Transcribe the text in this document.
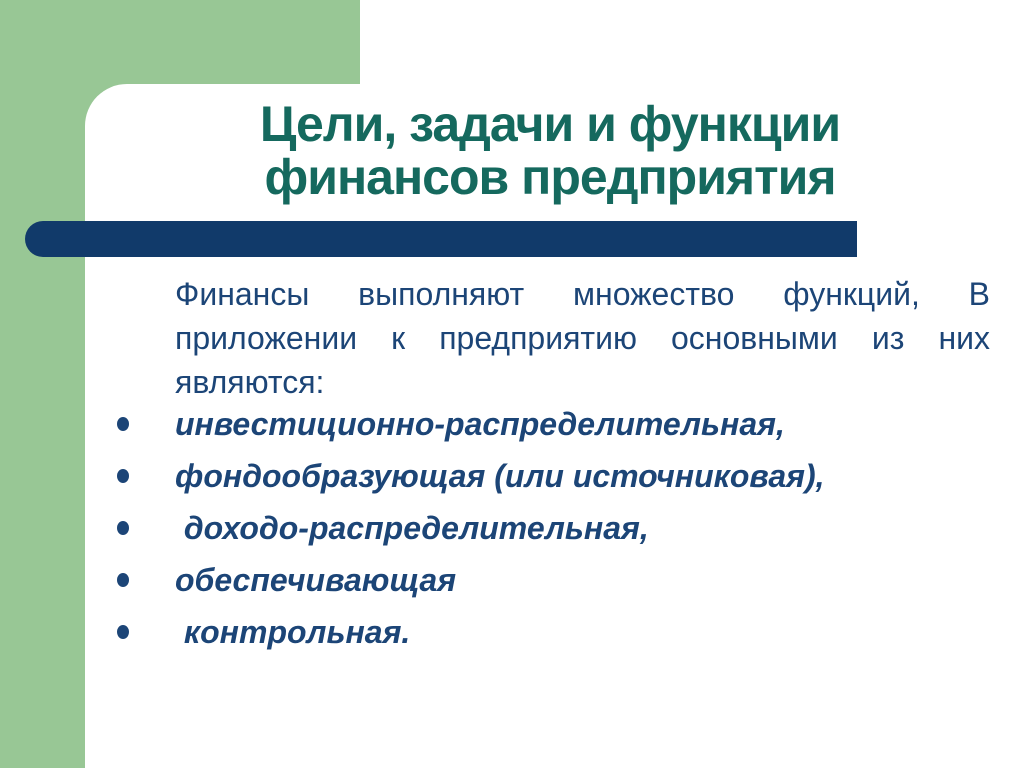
Цели, задачи и функции
финансов предприятия
Финансы выполняют множество функций, В
приложении к предприятию основными из них
являются:
инвестиционно-распределительная,
фондообразующая (или источниковая),
доходо-распределительная,
обеспечивающая
контрольная.
